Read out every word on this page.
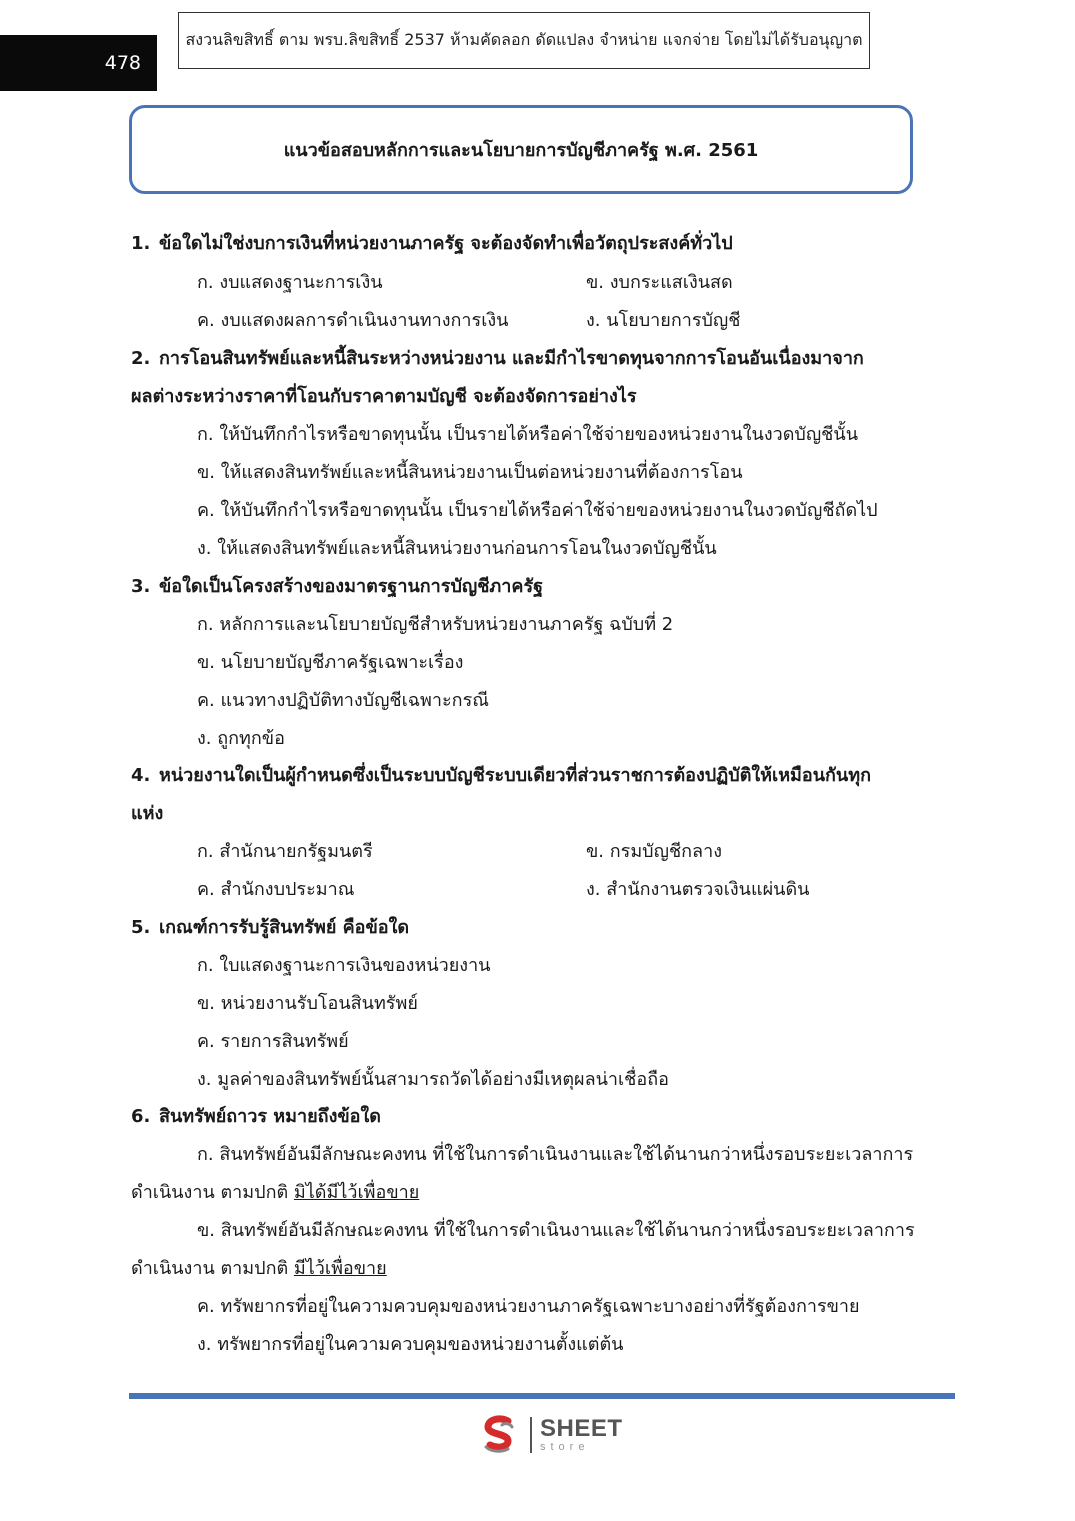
478
สงวนลิขสิทธิ์ ตาม พรบ.ลิขสิทธิ์ 2537 ห้ามคัดลอก ดัดแปลง จำหน่าย แจกจ่าย โดยไม่ได้รับอนุญาต
แนวข้อสอบหลักการและนโยบายการบัญชีภาครัฐ พ.ศ. 2561
1. ข้อใดไม่ใช่งบการเงินที่หน่วยงานภาครัฐ จะต้องจัดทำเพื่อวัตถุประสงค์ทั่วไป
ก. งบแสดงฐานะการเงิน	ข. งบกระแสเงินสด
ค. งบแสดงผลการดำเนินงานทางการเงิน	ง. นโยบายการบัญชี
2. การโอนสินทรัพย์และหนี้สินระหว่างหน่วยงาน และมีกำไรขาดทุนจากการโอนอันเนื่องมาจาก
ผลต่างระหว่างราคาที่โอนกับราคาตามบัญชี จะต้องจัดการอย่างไร
ก. ให้บันทึกกำไรหรือขาดทุนนั้น เป็นรายได้หรือค่าใช้จ่ายของหน่วยงานในงวดบัญชีนั้น
ข. ให้แสดงสินทรัพย์และหนี้สินหน่วยงานเป็นต่อหน่วยงานที่ต้องการโอน
ค. ให้บันทึกกำไรหรือขาดทุนนั้น เป็นรายได้หรือค่าใช้จ่ายของหน่วยงานในงวดบัญชีถัดไป
ง. ให้แสดงสินทรัพย์และหนี้สินหน่วยงานก่อนการโอนในงวดบัญชีนั้น
3. ข้อใดเป็นโครงสร้างของมาตรฐานการบัญชีภาครัฐ
ก. หลักการและนโยบายบัญชีสำหรับหน่วยงานภาครัฐ ฉบับที่ 2
ข. นโยบายบัญชีภาครัฐเฉพาะเรื่อง
ค. แนวทางปฏิบัติทางบัญชีเฉพาะกรณี
ง. ถูกทุกข้อ
4. หน่วยงานใดเป็นผู้กำหนดซึ่งเป็นระบบบัญชีระบบเดียวที่ส่วนราชการต้องปฏิบัติให้เหมือนกันทุก
แห่ง
ก. สำนักนายกรัฐมนตรี	ข. กรมบัญชีกลาง
ค. สำนักงบประมาณ	ง. สำนักงานตรวจเงินแผ่นดิน
5. เกณฑ์การรับรู้สินทรัพย์ คือข้อใด
ก. ใบแสดงฐานะการเงินของหน่วยงาน
ข. หน่วยงานรับโอนสินทรัพย์
ค. รายการสินทรัพย์
ง. มูลค่าของสินทรัพย์นั้นสามารถวัดได้อย่างมีเหตุผลน่าเชื่อถือ
6. สินทรัพย์ถาวร หมายถึงข้อใด
ก. สินทรัพย์อันมีลักษณะคงทน ที่ใช้ในการดำเนินงานและใช้ได้นานกว่าหนึ่งรอบระยะเวลาการ
ดำเนินงาน ตามปกติ มิได้มีไว้เพื่อขาย
ข. สินทรัพย์อันมีลักษณะคงทน ที่ใช้ในการดำเนินงานและใช้ได้นานกว่าหนึ่งรอบระยะเวลาการ
ดำเนินงาน ตามปกติ มีไว้เพื่อขาย
ค. ทรัพยากรที่อยู่ในความควบคุมของหน่วยงานภาครัฐเฉพาะบางอย่างที่รัฐต้องการขาย
ง. ทรัพยากรที่อยู่ในความควบคุมของหน่วยงานตั้งแต่ต้น
SHEET
store
